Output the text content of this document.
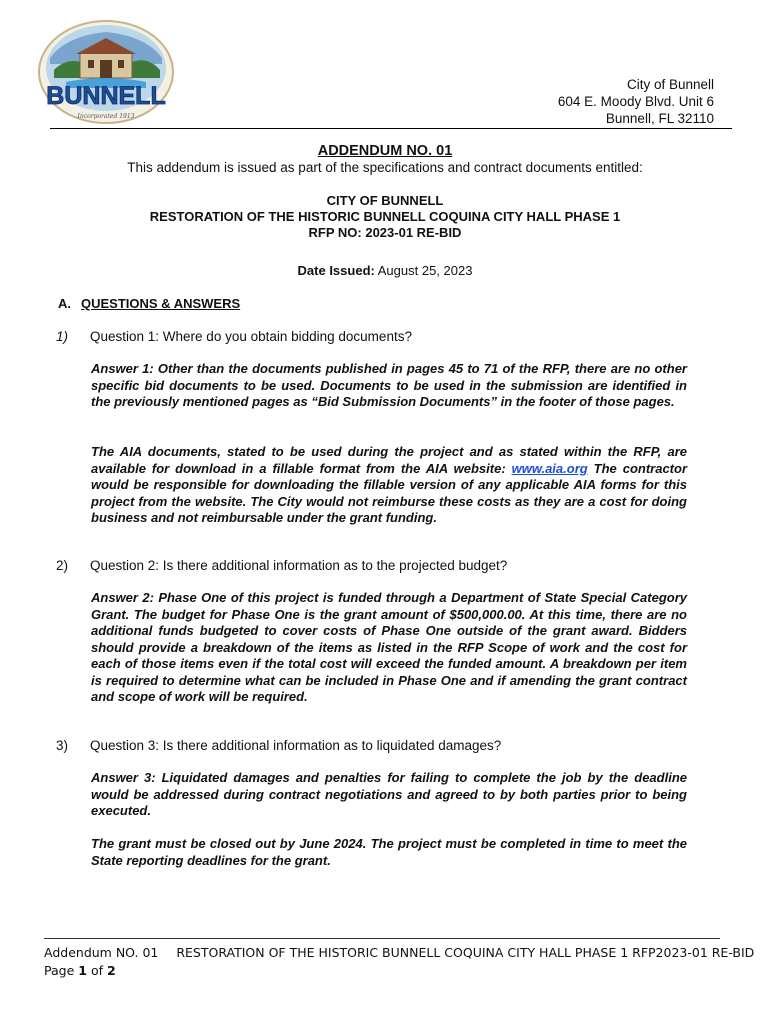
BUNNELL
Incorporated 1913
City of Bunnell
604 E. Moody Blvd. Unit 6
Bunnell, FL 32110
ADDENDUM NO. 01
This addendum is issued as part of the specifications and contract documents entitled:
CITY OF BUNNELL
RESTORATION OF THE HISTORIC BUNNELL COQUINA CITY HALL PHASE 1
RFP NO: 2023-01 RE-BID
Date Issued: August 25, 2023
A. QUESTIONS & ANSWERS
1) Question 1: Where do you obtain bidding documents?
Answer 1: Other than the documents published in pages 45 to 71 of the RFP, there are no other specific bid documents to be used. Documents to be used in the submission are identified in the previously mentioned pages as “Bid Submission Documents” in the footer of those pages.
The AIA documents, stated to be used during the project and as stated within the RFP, are available for download in a fillable format from the AIA website: www.aia.org The contractor would be responsible for downloading the fillable version of any applicable AIA forms for this project from the website. The City would not reimburse these costs as they are a cost for doing business and not reimbursable under the grant funding.
2) Question 2: Is there additional information as to the projected budget?
Answer 2: Phase One of this project is funded through a Department of State Special Category Grant. The budget for Phase One is the grant amount of $500,000.00. At this time, there are no additional funds budgeted to cover costs of Phase One outside of the grant award. Bidders should provide a breakdown of the items as listed in the RFP Scope of work and the cost for each of those items even if the total cost will exceed the funded amount. A breakdown per item is required to determine what can be included in Phase One and if amending the grant contract and scope of work will be required.
3) Question 3: Is there additional information as to liquidated damages?
Answer 3: Liquidated damages and penalties for failing to complete the job by the deadline would be addressed during contract negotiations and agreed to by both parties prior to being executed.
The grant must be closed out by June 2024. The project must be completed in time to meet the State reporting deadlines for the grant.
Addendum NO. 01 RESTORATION OF THE HISTORIC BUNNELL COQUINA CITY HALL PHASE 1 RFP2023-01 RE-BID
Page 1 of 2
